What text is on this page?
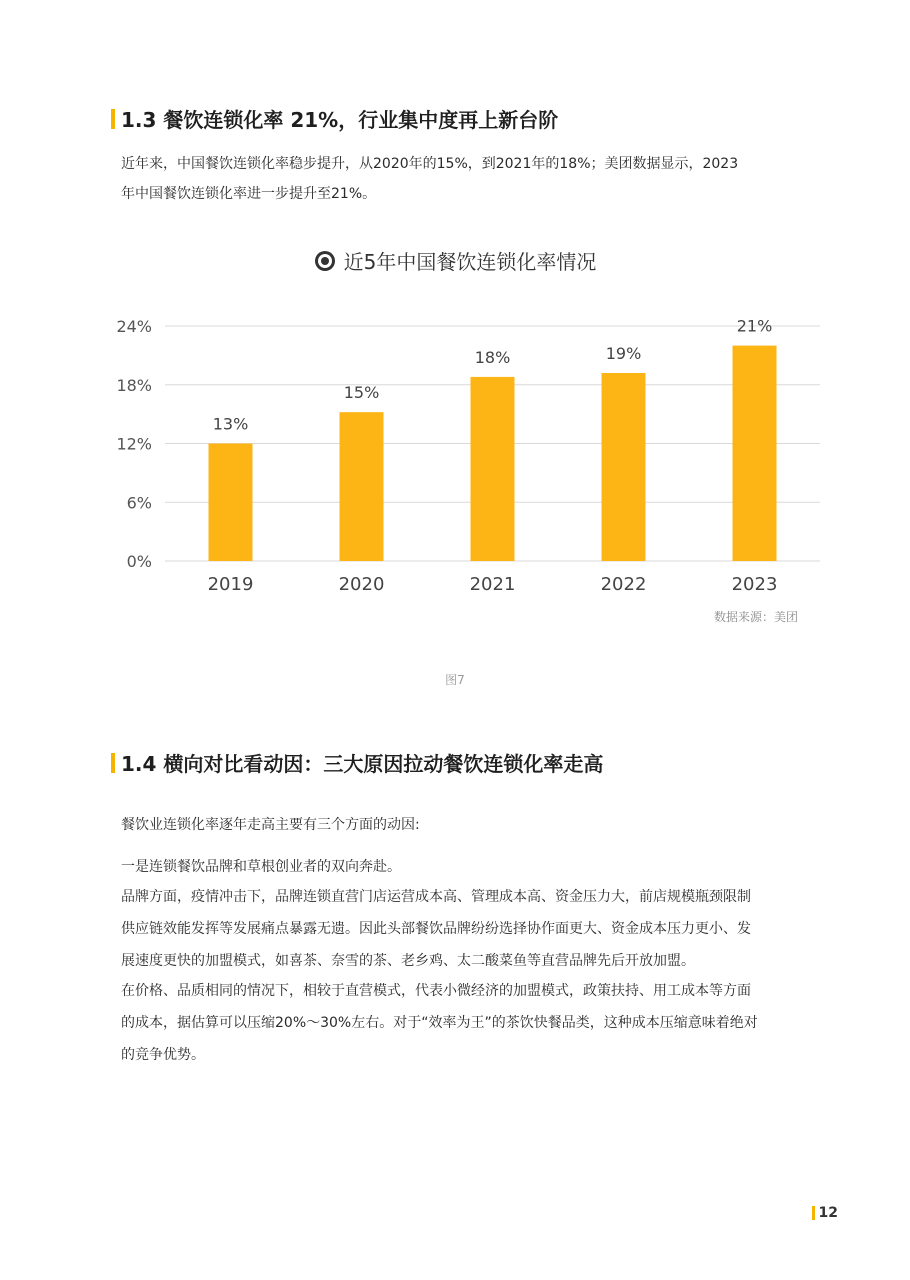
1.3 餐饮连锁化率 21%，行业集中度再上新台阶
近年来，中国餐饮连锁化率稳步提升，从2020年的15%，到2021年的18%；美团数据显示，2023
年中国餐饮连锁化率进一步提升至21%。
近5年中国餐饮连锁化率情况
0%
6%
12%
18%
24%
13%
2019
15%
2020
18%
2021
19%
2022
21%
2023
数据来源：美团
图7
1.4 横向对比看动因：三大原因拉动餐饮连锁化率走高
餐饮业连锁化率逐年走高主要有三个方面的动因:
一是连锁餐饮品牌和草根创业者的双向奔赴。
品牌方面，疫情冲击下，品牌连锁直营门店运营成本高、管理成本高、资金压力大，前店规模瓶颈限制
供应链效能发挥等发展痛点暴露无遗。因此头部餐饮品牌纷纷选择协作面更大、资金成本压力更小、发
展速度更快的加盟模式，如喜茶、奈雪的茶、老乡鸡、太二酸菜鱼等直营品牌先后开放加盟。
在价格、品质相同的情况下，相较于直营模式，代表小微经济的加盟模式，政策扶持、用工成本等方面
的成本，据估算可以压缩20%～30%左右。对于“效率为王”的茶饮快餐品类，这种成本压缩意味着绝对
的竞争优势。
12
